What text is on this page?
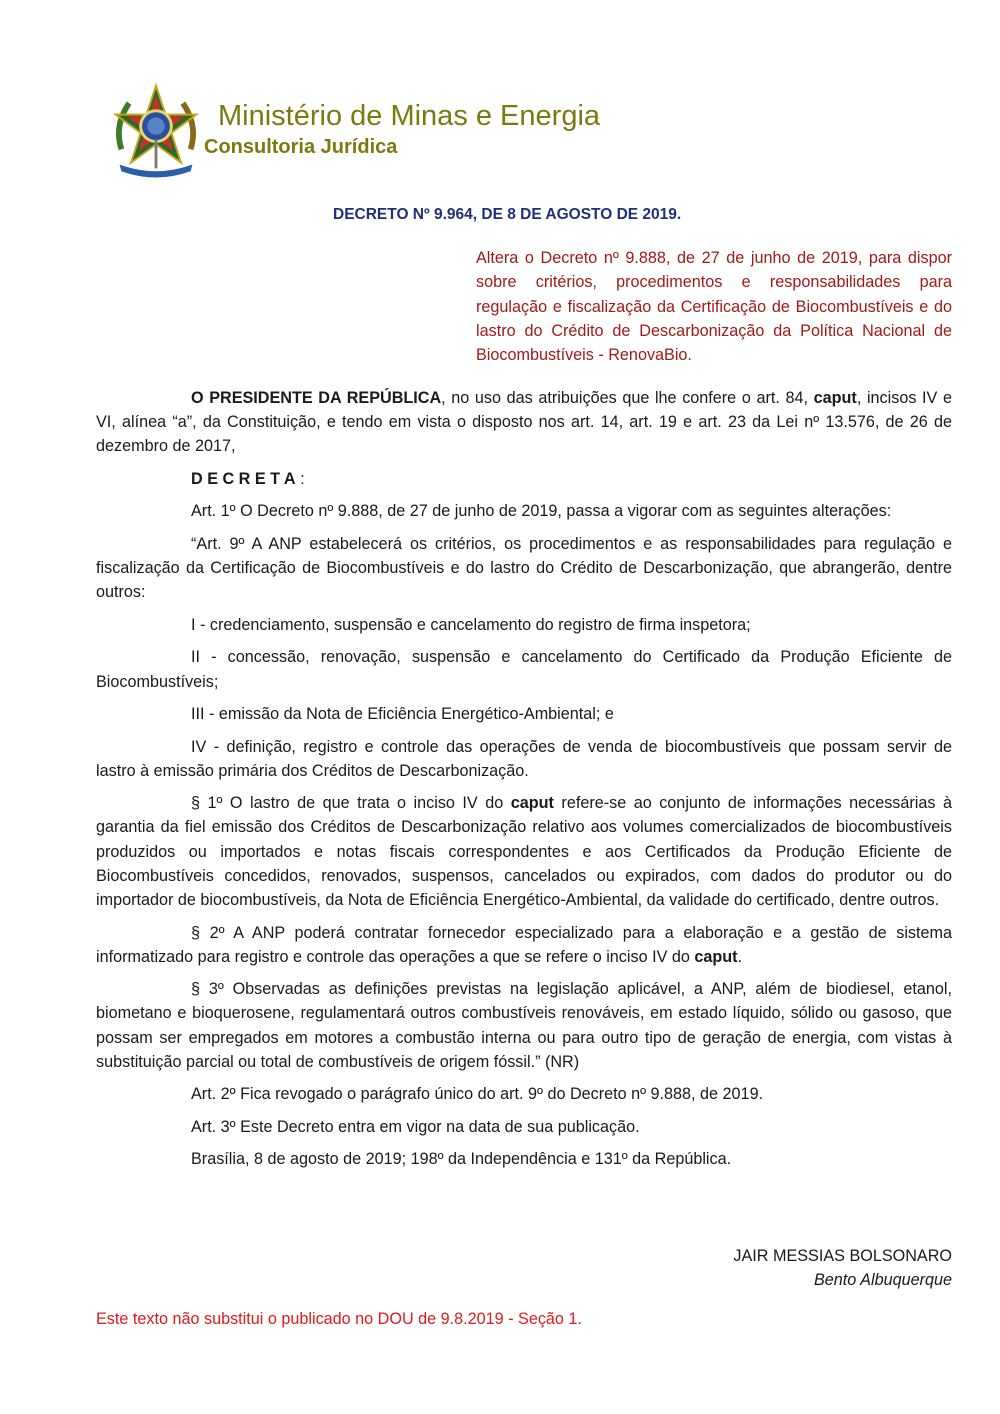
Ministério de Minas e Energia
Consultoria Jurídica
DECRETO Nº 9.964, DE 8 DE AGOSTO DE 2019.
Altera o Decreto nº 9.888, de 27 de junho de 2019, para dispor sobre critérios, procedimentos e responsabilidades para regulação e fiscalização da Certificação de Biocombustíveis e do lastro do Crédito de Descarbonização da Política Nacional de Biocombustíveis - RenovaBio.

O PRESIDENTE DA REPÚBLICA, no uso das atribuições que lhe confere o art. 84, caput, incisos IV e VI, alínea “a”, da Constituição, e tendo em vista o disposto nos art. 14, art. 19 e art. 23 da Lei nº 13.576, de 26 de dezembro de 2017,

D E C R E T A :

Art. 1º O Decreto nº 9.888, de 27 de junho de 2019, passa a vigorar com as seguintes alterações:

“Art. 9º A ANP estabelecerá os critérios, os procedimentos e as responsabilidades para regulação e fiscalização da Certificação de Biocombustíveis e do lastro do Crédito de Descarbonização, que abrangerão, dentre outros:

I - credenciamento, suspensão e cancelamento do registro de firma inspetora;

II - concessão, renovação, suspensão e cancelamento do Certificado da Produção Eficiente de Biocombustíveis;

III - emissão da Nota de Eficiência Energético-Ambiental; e

IV - definição, registro e controle das operações de venda de biocombustíveis que possam servir de lastro à emissão primária dos Créditos de Descarbonização.

§ 1º O lastro de que trata o inciso IV do caput refere-se ao conjunto de informações necessárias à garantia da fiel emissão dos Créditos de Descarbonização relativo aos volumes comercializados de biocombustíveis produzidos ou importados e notas fiscais correspondentes e aos Certificados da Produção Eficiente de Biocombustíveis concedidos, renovados, suspensos, cancelados ou expirados, com dados do produtor ou do importador de biocombustíveis, da Nota de Eficiência Energético-Ambiental, da validade do certificado, dentre outros.

§ 2º A ANP poderá contratar fornecedor especializado para a elaboração e a gestão de sistema informatizado para registro e controle das operações a que se refere o inciso IV do caput.

§ 3º Observadas as definições previstas na legislação aplicável, a ANP, além de biodiesel, etanol, biometano e bioquerosene, regulamentará outros combustíveis renováveis, em estado líquido, sólido ou gasoso, que possam ser empregados em motores a combustão interna ou para outro tipo de geração de energia, com vistas à substituição parcial ou total de combustíveis de origem fóssil.” (NR)

Art. 2º Fica revogado o parágrafo único do art. 9º do Decreto nº 9.888, de 2019.

Art. 3º Este Decreto entra em vigor na data de sua publicação.

Brasília, 8 de agosto de 2019; 198º da Independência e 131º da República.

JAIR MESSIAS BOLSONARO
Bento Albuquerque
Este texto não substitui o publicado no DOU de 9.8.2019 - Seção 1.
